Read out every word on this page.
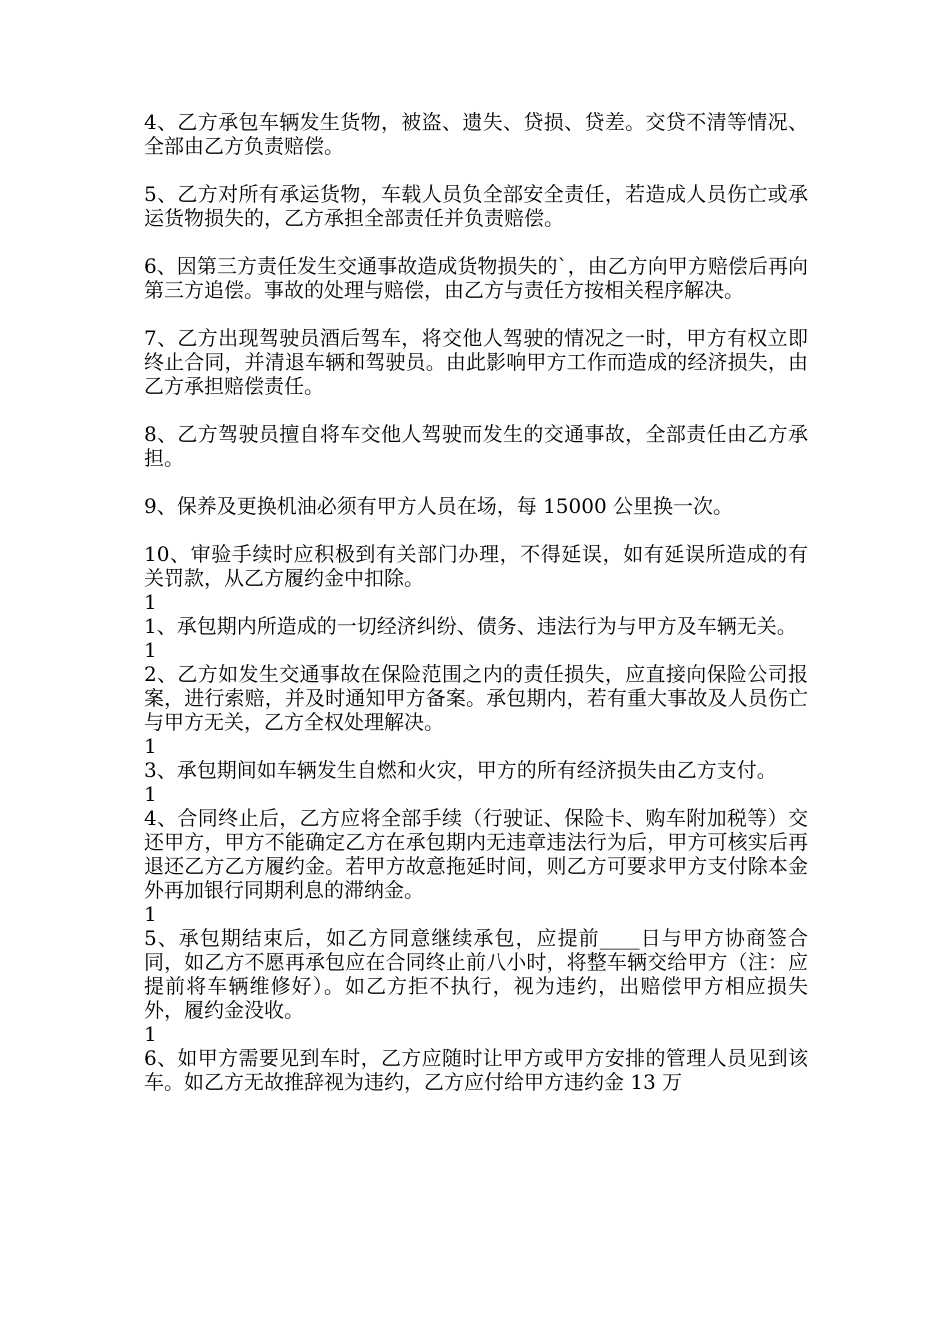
4、乙方承包车辆发生货物，被盗、遗失、贷损、贷差。交贷不清等情况、全部由乙方负责赔偿。

5、乙方对所有承运货物，车载人员负全部安全责任，若造成人员伤亡或承运货物损失的，乙方承担全部责任并负责赔偿。

6、因第三方责任发生交通事故造成货物损失的`，由乙方向甲方赔偿后再向第三方追偿。事故的处理与赔偿，由乙方与责任方按相关程序解决。

7、乙方出现驾驶员酒后驾车，将交他人驾驶的情况之一时，甲方有权立即终止合同，并清退车辆和驾驶员。由此影响甲方工作而造成的经济损失，由乙方承担赔偿责任。

8、乙方驾驶员擅自将车交他人驾驶而发生的交通事故，全部责任由乙方承担。

9、保养及更换机油必须有甲方人员在场，每 15000 公里换一次。

10、审验手续时应积极到有关部门办理，不得延误，如有延误所造成的有关罚款，从乙方履约金中扣除。

1

1、承包期内所造成的一切经济纠纷、债务、违法行为与甲方及车辆无关。

1

2、乙方如发生交通事故在保险范围之内的责任损失，应直接向保险公司报案，进行索赔，并及时通知甲方备案。承包期内，若有重大事故及人员伤亡与甲方无关，乙方全权处理解决。

1

3、承包期间如车辆发生自燃和火灾，甲方的所有经济损失由乙方支付。

1

4、合同终止后，乙方应将全部手续（行驶证、保险卡、购车附加税等）交还甲方，甲方不能确定乙方在承包期内无违章违法行为后，甲方可核实后再退还乙方乙方履约金。若甲方故意拖延时间，则乙方可要求甲方支付除本金外再加银行同期利息的滞纳金。

1

5、承包期结束后，如乙方同意继续承包，应提前____日与甲方协商签合同，如乙方不愿再承包应在合同终止前八小时，将整车辆交给甲方（注：应提前将车辆维修好）。如乙方拒不执行，视为违约，出赔偿甲方相应损失外，履约金没收。

1

6、如甲方需要见到车时，乙方应随时让甲方或甲方安排的管理人员见到该车。如乙方无故推辞视为违约，乙方应付给甲方违约金 13 万
